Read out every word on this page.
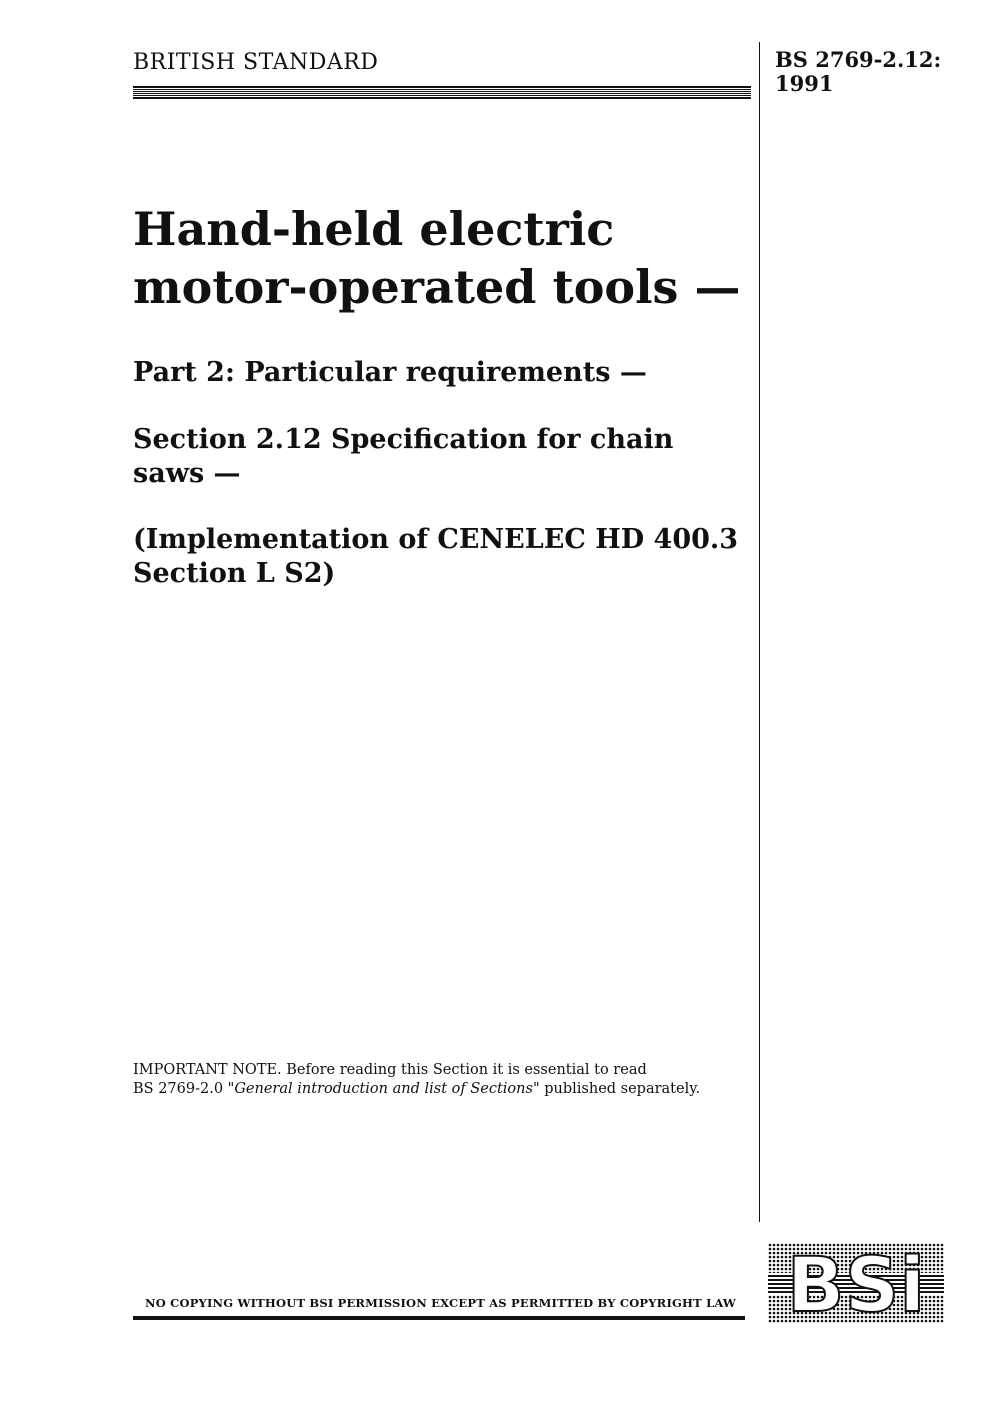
BRITISH STANDARD	BS 2769-2.12:
1991
Hand-held electric
motor-operated tools —
Part 2: Particular requirements —
Section 2.12 Specification for chain
saws —
(Implementation of CENELEC HD 400.3
Section L S2)
IMPORTANT NOTE. Before reading this Section it is essential to read
BS 2769-2.0 "General introduction and list of Sections" published separately.
NO COPYING WITHOUT BSI PERMISSION EXCEPT AS PERMITTED BY COPYRIGHT LAW BSi
